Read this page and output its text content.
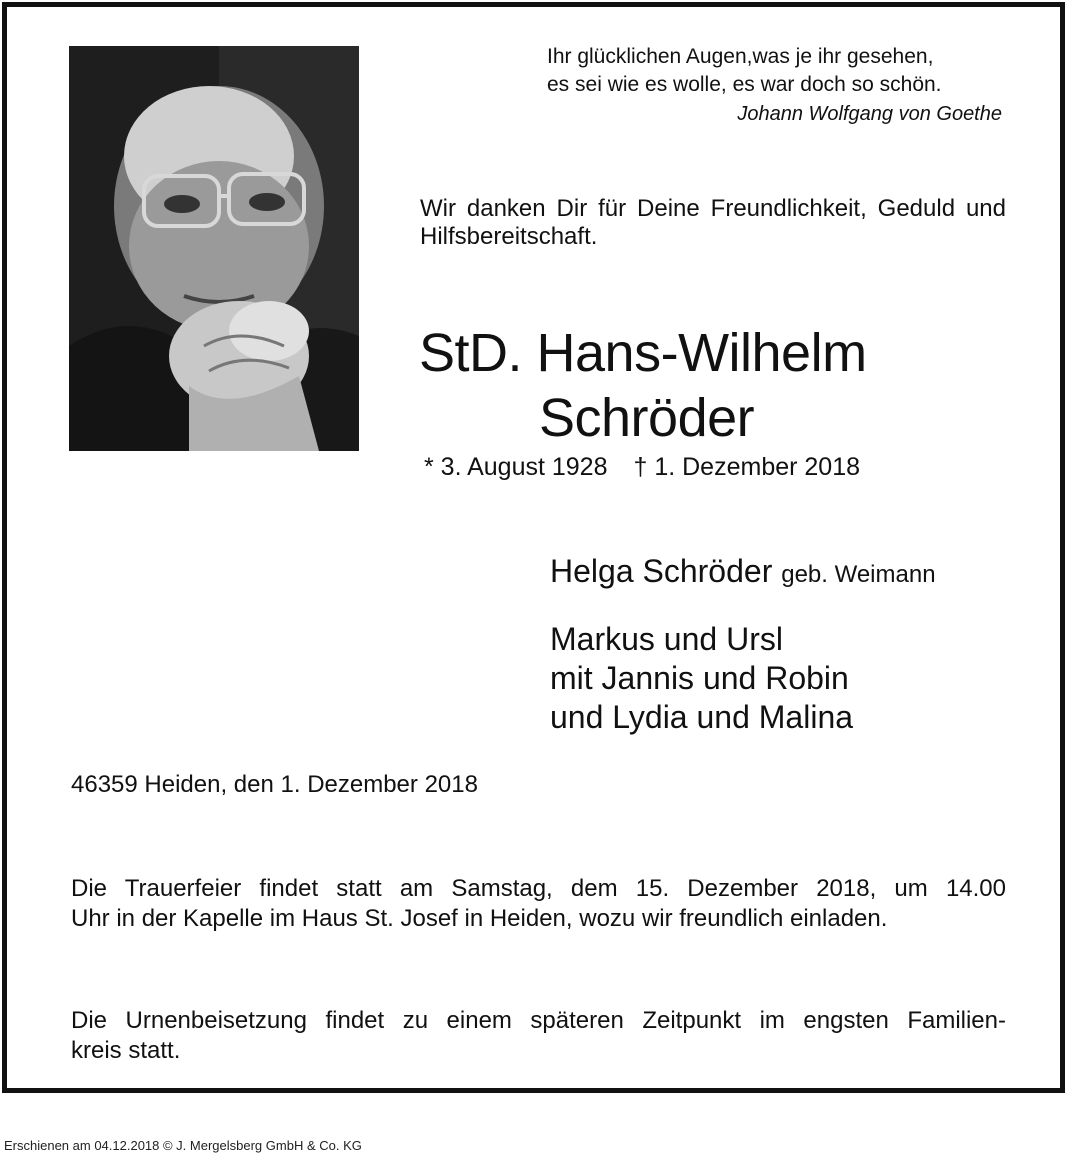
Ihr glücklichen Augen,was je ihr gesehen,
es sei wie es wolle, es war doch so schön.
Johann Wolfgang von Goethe
Wir danken Dir für Deine Freundlichkeit, Geduld und Hilfsbereitschaft.
StD. Hans-Wilhelm
Schröder
* 3. August 1928 † 1. Dezember 2018
Helga Schröder geb. Weimann
Markus und Ursl
mit Jannis und Robin
und Lydia und Malina
46359 Heiden, den 1. Dezember 2018
Die Trauerfeier findet statt am Samstag, dem 15. Dezember 2018, um 14.00
Uhr in der Kapelle im Haus St. Josef in Heiden, wozu wir freundlich einladen.
Die Urnenbeisetzung findet zu einem späteren Zeitpunkt im engsten Familien-
kreis statt.
Erschienen am 04.12.2018 © J. Mergelsberg GmbH & Co. KG
